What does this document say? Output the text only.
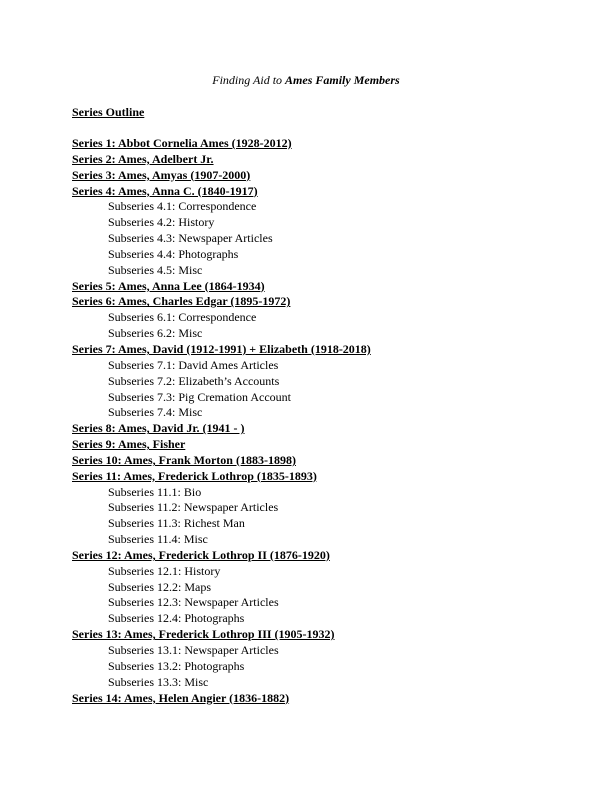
Finding Aid to Ames Family Members
Series Outline
Series 1: Abbot Cornelia Ames (1928-2012)
Series 2: Ames, Adelbert Jr.
Series 3: Ames, Amyas (1907-2000)
Series 4: Ames, Anna C. (1840-1917)
Subseries 4.1: Correspondence
Subseries 4.2: History
Subseries 4.3: Newspaper Articles
Subseries 4.4: Photographs
Subseries 4.5: Misc
Series 5: Ames, Anna Lee (1864-1934)
Series 6: Ames, Charles Edgar (1895-1972)
Subseries 6.1: Correspondence
Subseries 6.2: Misc
Series 7: Ames, David (1912-1991) + Elizabeth (1918-2018)
Subseries 7.1: David Ames Articles
Subseries 7.2: Elizabeth’s Accounts
Subseries 7.3: Pig Cremation Account
Subseries 7.4: Misc
Series 8: Ames, David Jr. (1941 - )
Series 9: Ames, Fisher
Series 10: Ames, Frank Morton (1883-1898)
Series 11: Ames, Frederick Lothrop (1835-1893)
Subseries 11.1: Bio
Subseries 11.2: Newspaper Articles
Subseries 11.3: Richest Man
Subseries 11.4: Misc
Series 12: Ames, Frederick Lothrop II (1876-1920)
Subseries 12.1: History
Subseries 12.2: Maps
Subseries 12.3: Newspaper Articles
Subseries 12.4: Photographs
Series 13: Ames, Frederick Lothrop III (1905-1932)
Subseries 13.1: Newspaper Articles
Subseries 13.2: Photographs
Subseries 13.3: Misc
Series 14: Ames, Helen Angier (1836-1882)
